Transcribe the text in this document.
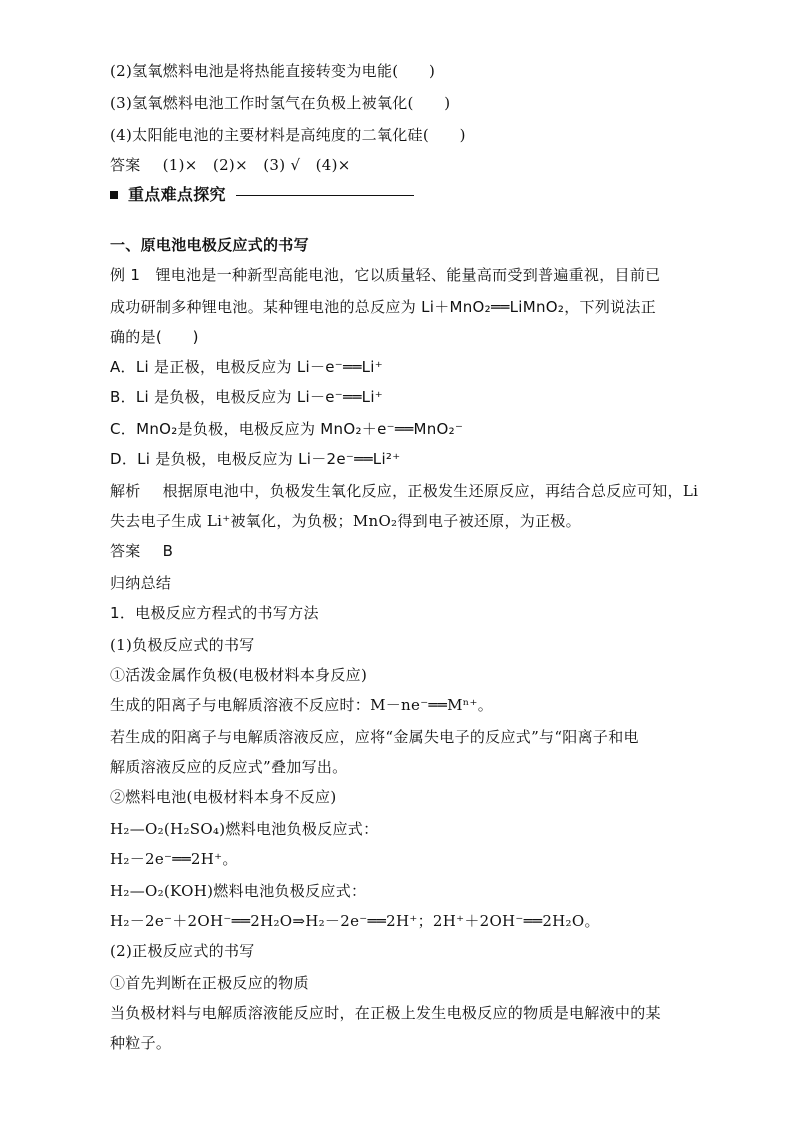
(2)氢氧燃料电池是将热能直接转变为电能(　　)
(3)氢氧燃料电池工作时氢气在负极上被氧化(　　)
(4)太阳能电池的主要材料是高纯度的二氧化硅(　　)
答案 (1)×　(2)×　(3) √　(4)×
重点难点探究
一、原电池电极反应式的书写
例 1　锂电池是一种新型高能电池，它以质量轻、能量高而受到普遍重视，目前已
成功研制多种锂电池。某种锂电池的总反应为 Li＋MnO₂══LiMnO₂，下列说法正
确的是(　　)
A．Li 是正极，电极反应为 Li－e⁻══Li⁺
B．Li 是负极，电极反应为 Li－e⁻══Li⁺
C．MnO₂是负极，电极反应为 MnO₂＋e⁻══MnO₂⁻
D．Li 是负极，电极反应为 Li－2e⁻══Li²⁺
解析 根据原电池中，负极发生氧化反应，正极发生还原反应，再结合总反应可知，Li
失去电子生成 Li⁺被氧化，为负极；MnO₂得到电子被还原，为正极。
答案 B
归纳总结
1．电极反应方程式的书写方法
(1)负极反应式的书写
①活泼金属作负极(电极材料本身反应)
生成的阳离子与电解质溶液不反应时：M－ne⁻══Mⁿ⁺。
若生成的阳离子与电解质溶液反应，应将“金属失电子的反应式”与“阳离子和电
解质溶液反应的反应式”叠加写出。
②燃料电池(电极材料本身不反应)
H₂—O₂(H₂SO₄)燃料电池负极反应式：
H₂－2e⁻══2H⁺。
H₂—O₂(KOH)燃料电池负极反应式：
H₂－2e⁻＋2OH⁻══2H₂O⇒H₂－2e⁻══2H⁺；2H⁺＋2OH⁻══2H₂O。
(2)正极反应式的书写
①首先判断在正极反应的物质
当负极材料与电解质溶液能反应时，在正极上发生电极反应的物质是电解液中的某
种粒子。
